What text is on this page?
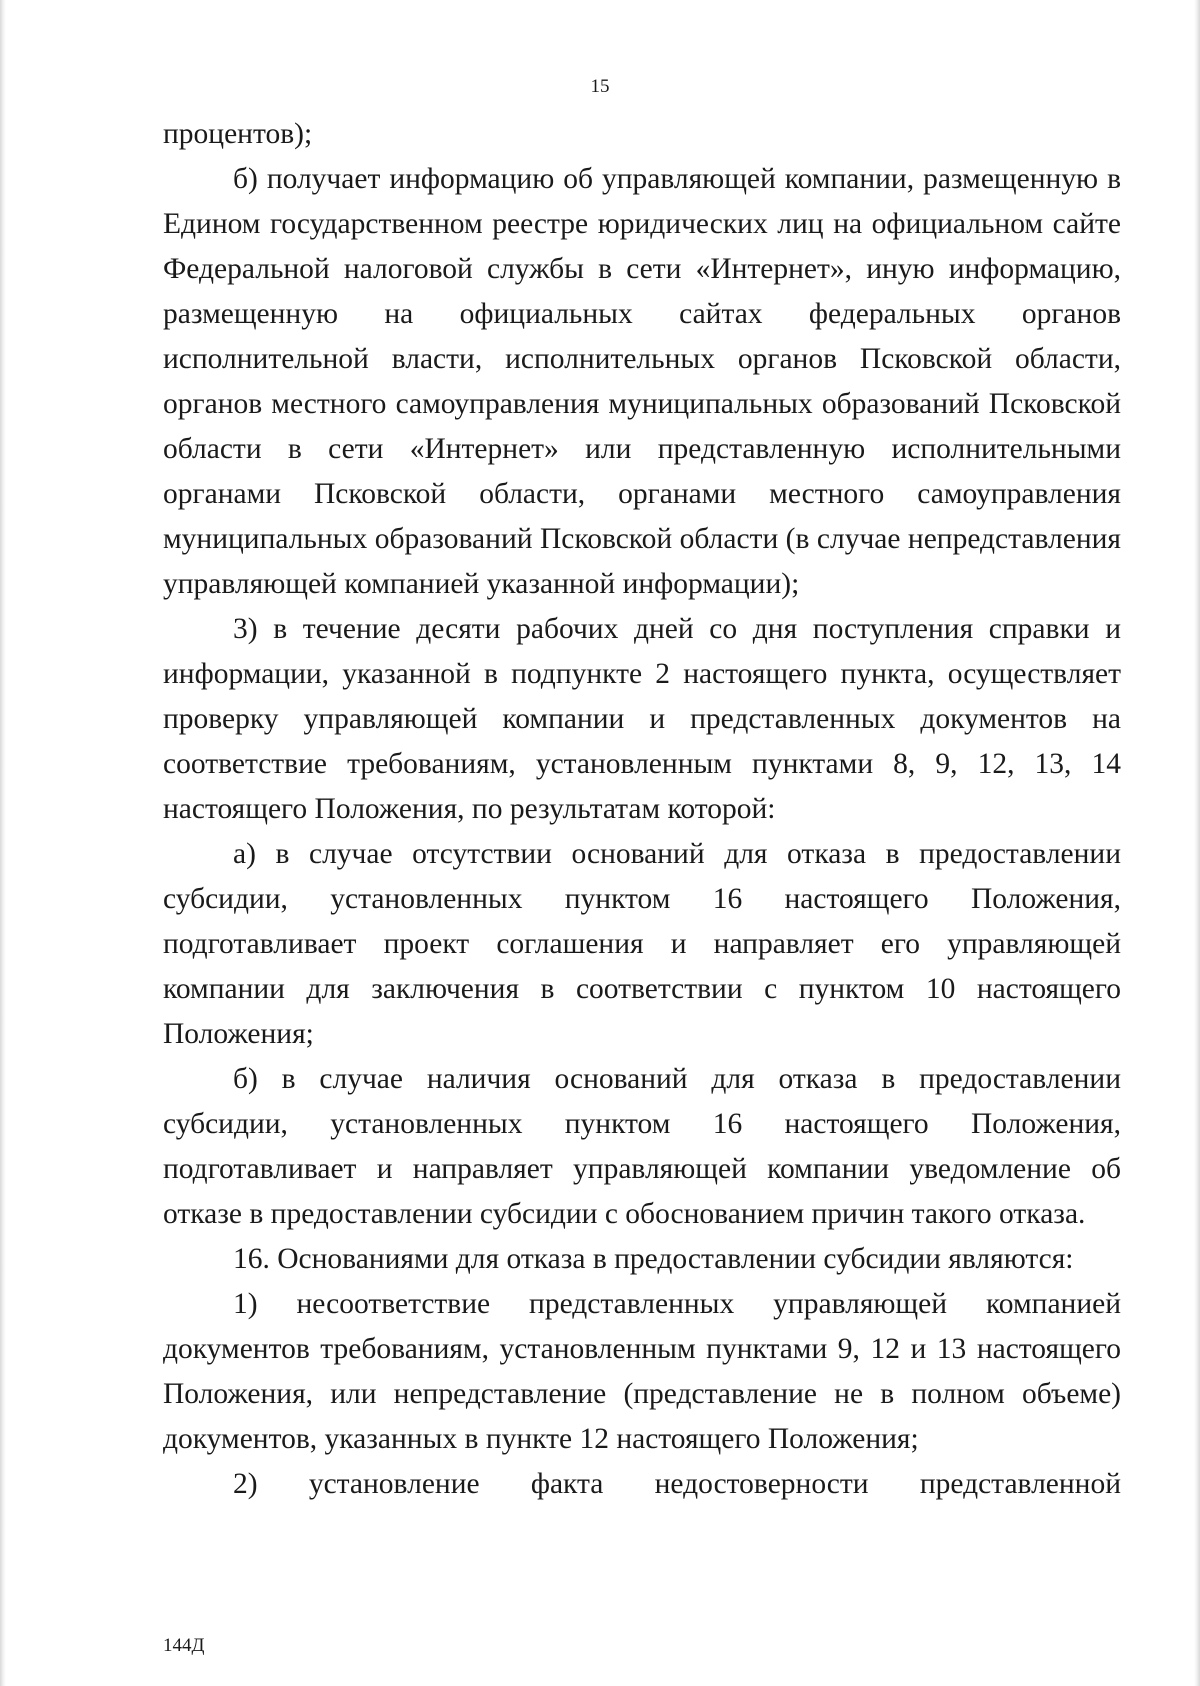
15

процентов);

б) получает информацию об управляющей компании, размещенную в Едином государственном реестре юридических лиц на официальном сайте Федеральной налоговой службы в сети «Интернет», иную информацию, размещенную на официальных сайтах федеральных органов исполнительной власти, исполнительных органов Псковской области, органов местного самоуправления муниципальных образований Псковской области в сети «Интернет» или представленную исполнительными органами Псковской области, органами местного самоуправления муниципальных образований Псковской области (в случае непредставления управляющей компанией указанной информации);

3) в течение десяти рабочих дней со дня поступления справки и информации, указанной в подпункте 2 настоящего пункта, осуществляет проверку управляющей компании и представленных документов на соответствие требованиям, установленным пунктами 8, 9, 12, 13, 14 настоящего Положения, по результатам которой:

а) в случае отсутствии оснований для отказа в предоставлении субсидии, установленных пунктом 16 настоящего Положения, подготавливает проект соглашения и направляет его управляющей компании для заключения в соответствии с пунктом 10 настоящего Положения;

б) в случае наличия оснований для отказа в предоставлении субсидии, установленных пунктом 16 настоящего Положения, подготавливает и направляет управляющей компании уведомление об отказе в предоставлении субсидии с обоснованием причин такого отказа.

16. Основаниями для отказа в предоставлении субсидии являются:

1) несоответствие представленных управляющей компанией документов требованиям, установленным пунктами 9, 12 и 13 настоящего Положения, или непредставление (представление не в полном объеме) документов, указанных в пункте 12 настоящего Положения;

2) установление факта недостоверности представленной

144Д
